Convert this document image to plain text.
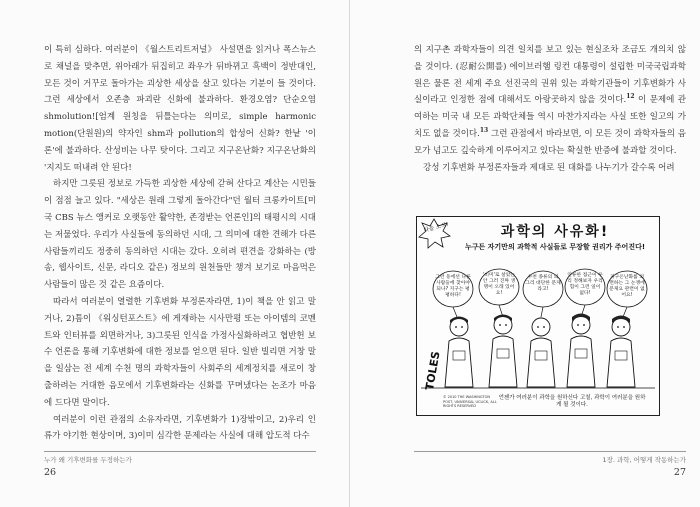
이 특히 심하다. 여러분이 《월스트리트저널》 사설면을 읽거나 폭스뉴스로 채널을 맞추면, 위아래가 뒤집히고 좌우가 뒤바뀌고 흑백이 정반대인, 모든 것이 거꾸로 돌아가는 괴상한 세상을 살고 있다는 기분이 들 것이다. 그런 세상에서 오존층 파괴란 신화에 불과하다. 환경오염? 단순오염 shmolution![엄계 원칭을 뒤틀는다는 의미로, simple harmonic motion(단원원)의 약자인 shm과 pollution의 합성어 신화? 한낱 '이론'에 불과하다. 산성비는 나무 탓이다. 그리고 지구온난화? 지구온난화의 '지지도 떠내려 안 된다!

하지만 그릇된 정보로 가득한 괴상한 세상에 갇혀 산다고 계산는 시민들이 점점 늘고 있다. "세상은 원래 그렇게 돌아간다"던 월터 크롱카이트[미국 CBS 뉴스 앵커로 오랫동안 활약한, 존경받는 언론인]의 태평시의 시대는 저물었다. 우리가 사실들에 동의하던 시대, 그 의미에 대한 견해가 다른 사람들끼리도 정중히 동의하던 시대는 갔다. 오히려 편견을 강화하는 (방송, 웹사이트, 신문, 라디오 같은) 정보의 원천들만 챙겨 보기로 마음먹은 사람들이 많은 것 같은 요즘이다.

따라서 여러분이 열렬한 기후변화 부정론자라면, 1)이 책을 안 읽고 말거나, 2)틈이 《워싱턴포스트》에 게재하는 시사만평 또는 아이템의 코멘트와 인터뷰를 외면하거나, 3)그릇된 인식을 가정사실화하려고 협반헌 보수 언론을 통해 기후변화에 대한 정보를 얻으면 된다. 일반 빌리면 거창 말을 일삼는 전 세계 수천 명의 과학자들이 사회주의 세계정치를 새로이 창출하려는 거대한 음모에서 기후변화라는 신화를 꾸며냈다는 논조가 마음에 드다면 말이다.

여러분이 이런 관점의 소유자라면, 기후변화가 1)장밖이고, 2)우리 인류가 야기한 현상이며, 3)이미 심각한 문제라는 사실에 대해 압도적 다수

누가 왜 기후변화를 두정하는가
26

의 지구촌 과학자들이 의견 일치를 보고 있는 현실조차 조금도 개의치 않을 것이다. (忍耐公開를) 에이브러햄 링컨 대통령이 설립한 미국국립과학원은 물론 전 세계 주요 선진국의 권위 있는 과학기관들이 기후변화가 사실이라고 인정한 점에 대해서도 아랑곳하지 않을 것이다.$^{12}$ 이 문제에 관여하는 미국 내 모든 과학단체들 역시 마찬가지라는 사실 또한 일고의 가치도 없을 것이다.$^{13}$ 그런 관점에서 바라보면, 이 모든 것이 과학자들의 음모가 넘고도 깊숙하게 이루어지고 있다는 확실한 반증에 불과할 것이다.

강성 기후변화 부정론자들과 제대로 된 대화를 나누기가 갈수록 어려

1장. 과학, 어떻게 작동하는가
27
다음 소식!	과학의 사유화!
누구든 자기만의 과학적 사실들로 무장할 권리가 주어진다!
그런 동에선 다른 사람들에 찾아야 되나? 지구는 평평하다!
'비미'로 살았는 안 그러 진짜 생명이 오래 있어요!
수천 종류의 의 그리 대단한 문제라고!
인류한 접근이 우리 정해보자 우리 힘이 그런 일이 없다!
지구온난화를 외면하는 그 논쟁에 문제요 관련이 없어요!
TOLES
© 2010 THE WASHINGTON POST, UNIVERSAL UCLICK, ALL RIGHTS RESERVED
언젠가 여러분이 과학을 원하신다 고칠, 과학이 여러분을 원하게 될 것이다.
